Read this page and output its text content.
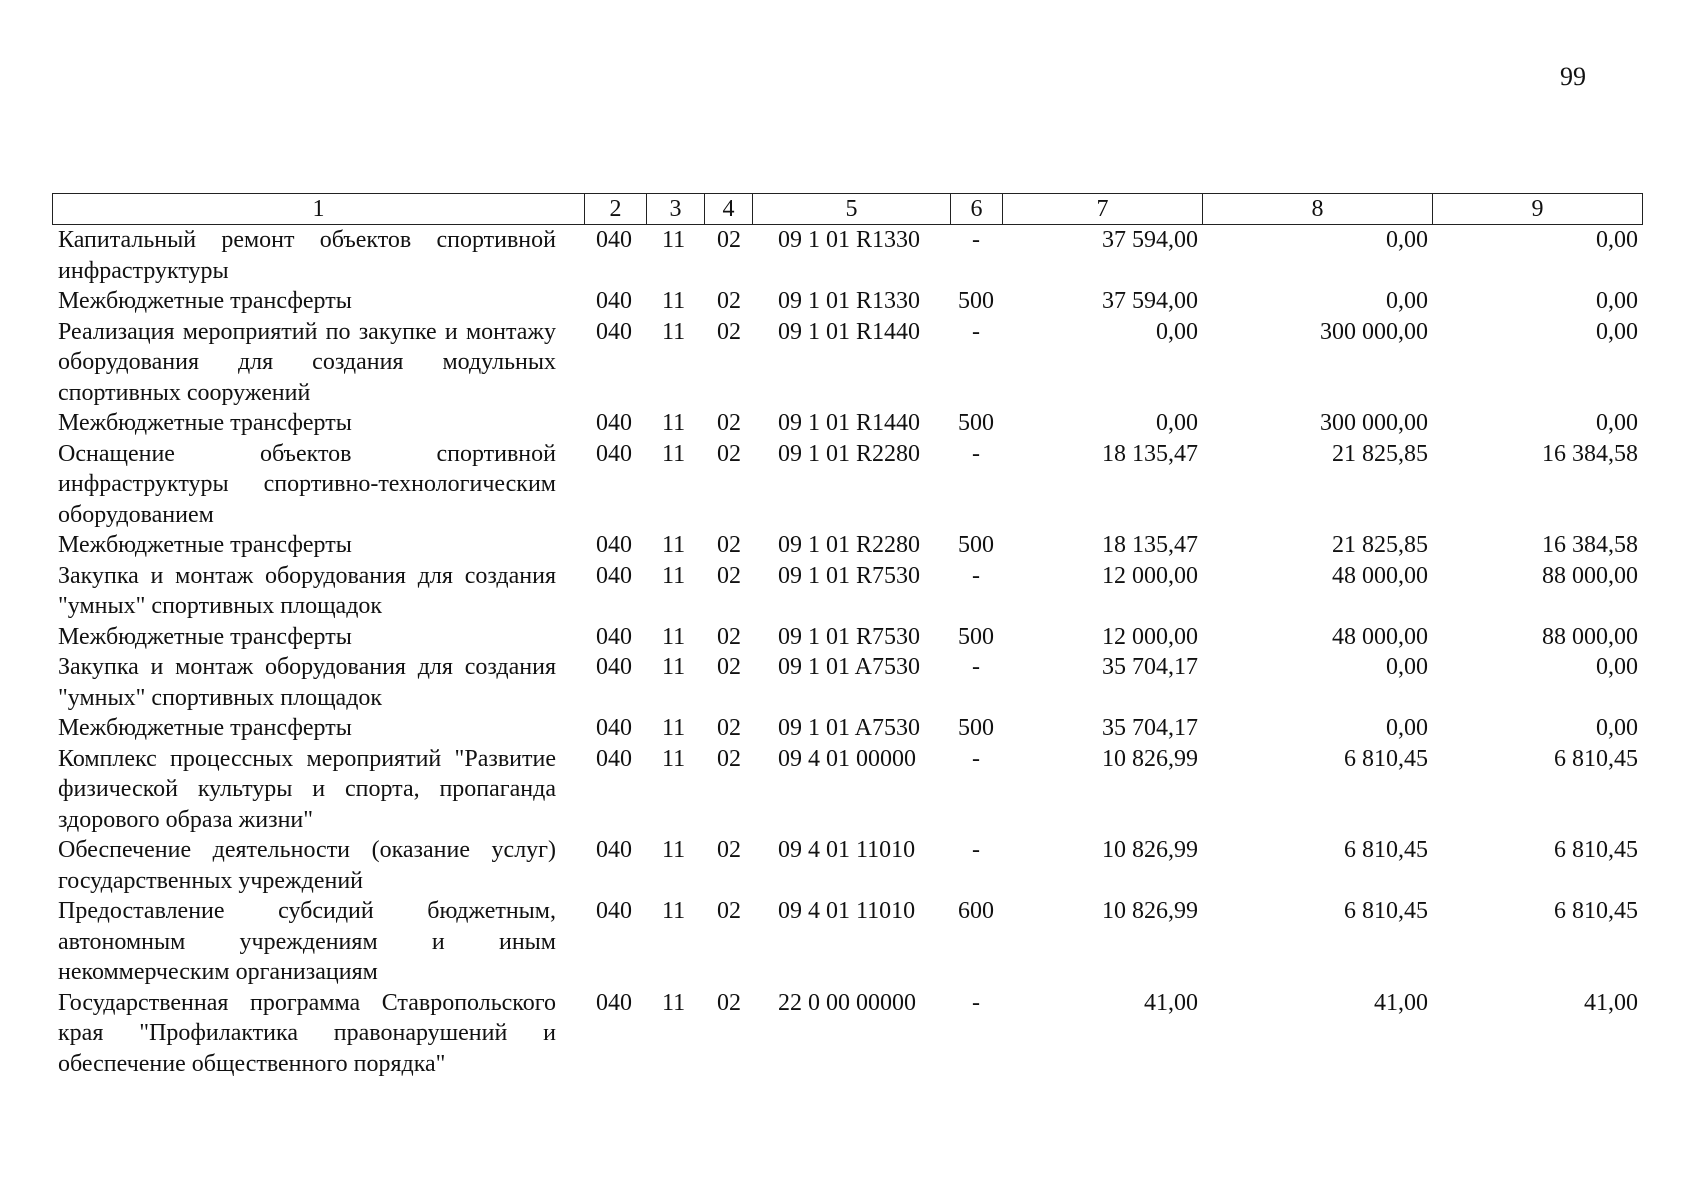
99
1	2	3	4	5	6	7	8	9
Капитальный ремонт объектов спортивной инфраструктуры	040	11	02	09 1 01 R1330	-	37 594,00	0,00	0,00
Межбюджетные трансферты	040	11	02	09 1 01 R1330	500	37 594,00	0,00	0,00
Реализация мероприятий по закупке и монтажу оборудования для создания модульных спортивных сооружений	040	11	02	09 1 01 R1440	-	0,00	300 000,00	0,00
Межбюджетные трансферты	040	11	02	09 1 01 R1440	500	0,00	300 000,00	0,00
Оснащение объектов спортивной инфраструктуры спортивно-технологическим оборудованием	040	11	02	09 1 01 R2280	-	18 135,47	21 825,85	16 384,58
Межбюджетные трансферты	040	11	02	09 1 01 R2280	500	18 135,47	21 825,85	16 384,58
Закупка и монтаж оборудования для создания "умных" спортивных площадок	040	11	02	09 1 01 R7530	-	12 000,00	48 000,00	88 000,00
Межбюджетные трансферты	040	11	02	09 1 01 R7530	500	12 000,00	48 000,00	88 000,00
Закупка и монтаж оборудования для создания "умных" спортивных площадок	040	11	02	09 1 01 A7530	-	35 704,17	0,00	0,00
Межбюджетные трансферты	040	11	02	09 1 01 A7530	500	35 704,17	0,00	0,00
Комплекс процессных мероприятий "Развитие физической культуры и спорта, пропаганда здорового образа жизни"	040	11	02	09 4 01 00000	-	10 826,99	6 810,45	6 810,45
Обеспечение деятельности (оказание услуг) государственных учреждений	040	11	02	09 4 01 11010	-	10 826,99	6 810,45	6 810,45
Предоставление субсидий бюджетным, автономным учреждениям и иным некоммерческим организациям	040	11	02	09 4 01 11010	600	10 826,99	6 810,45	6 810,45
Государственная программа Ставропольского края "Профилактика правонарушений и обеспечение общественного порядка"	040	11	02	22 0 00 00000	-	41,00	41,00	41,00
